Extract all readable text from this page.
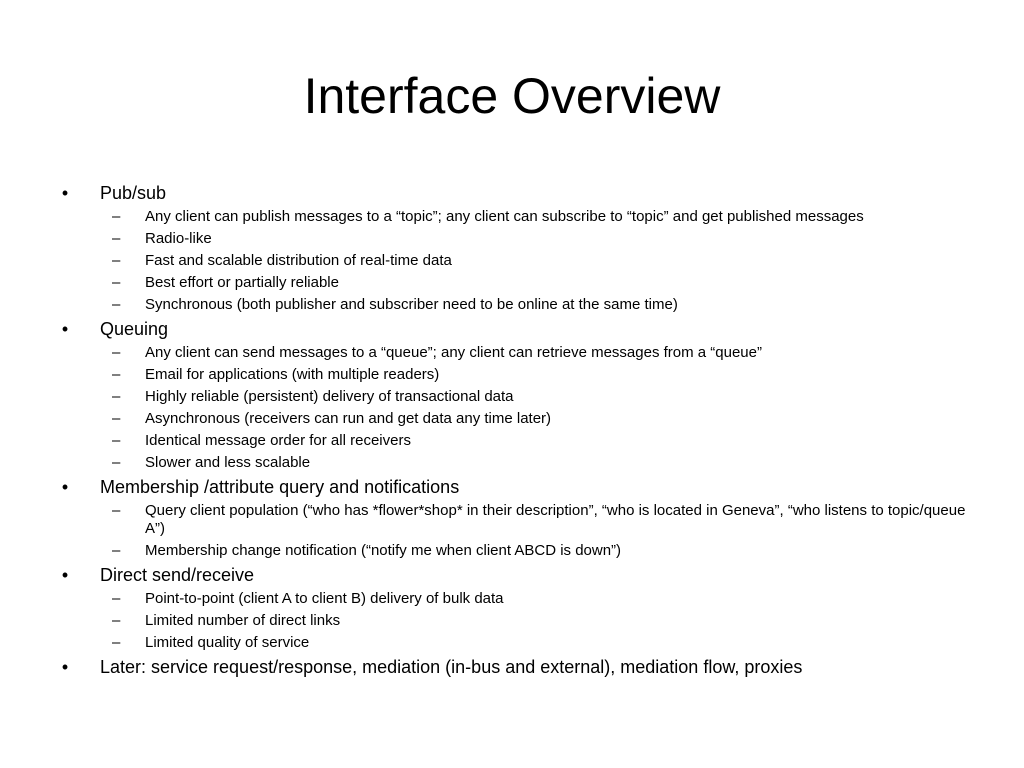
Interface Overview
• Pub/sub
– Any client can publish messages to a “topic”; any client can subscribe to “topic” and get published messages
– Radio-like
– Fast and scalable distribution of real-time data
– Best effort or partially reliable
– Synchronous (both publisher and subscriber need to be online at the same time)
• Queuing
– Any client can send messages to a “queue”; any client can retrieve messages from a “queue”
– Email for applications (with multiple readers)
– Highly reliable (persistent) delivery of transactional data
– Asynchronous (receivers can run and get data any time later)
– Identical message order for all receivers
– Slower and less scalable
• Membership /attribute query and notifications
– Query client population (“who has *flower*shop* in their description”, “who is located in Geneva”, “who listens to topic/queue A”)
– Membership change notification (“notify me when client ABCD is down”)
• Direct send/receive
– Point-to-point (client A to client B) delivery of bulk data
– Limited number of direct links
– Limited quality of service
• Later: service request/response, mediation (in-bus and external), mediation flow, proxies
